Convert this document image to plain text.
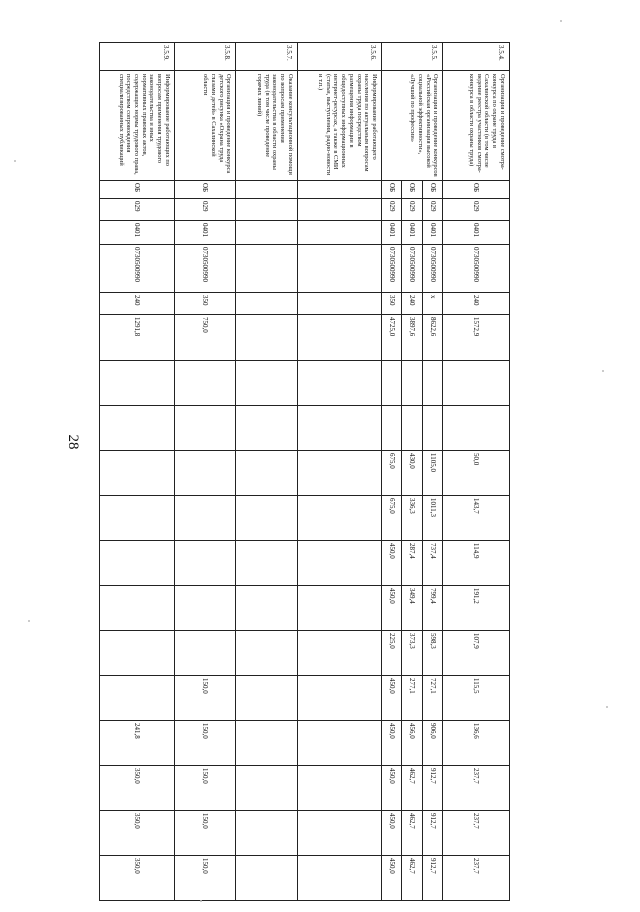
28

3.5.4.	Организация и проведение смотра-конкурса по охране труда в Сахалинской области (в том числе ведение реестра участников смотра-конкурса в области охраны труда)	ОБ	029	0401	0730500990	240	1572,9			50,0	143,7	114,9	191,2	107,9	115,5	136,6	237,7	237,7	237,7
3.5.5.	Организация и проведение конкурсов «Российская организация высокой социальной эффективности», «Лучший по профессии»	ОБ	029	0401	0730500990	х	8622,6			1105,0	1011,3	737,4	799,4	598,3	727,1	906,0	912,7	912,7	912,7
		ОБ	029	0401	0730500990	240	3897,6			430,0	336,3	287,4	349,4	373,3	277,1	456,0	462,7	462,7	462,7
		ОБ	029	0401	0730500990	350	4725,0			675,0	675,0	450,0	450,0	225,0	450,0	450,0	450,0	450,0	450,0
3.5.6.	Информирование работающего населения по актуальным вопросам охраны труда посредством размещения информации в общедоступных информационных интернет-ресурсах, а также в СМИ (статьи, выступления, радио-новости и т.п.)																		
3.5.7.	Оказание консультационной помощи по вопросам применения законодательства в области охраны труда (в том числе проведение горячих линий)																		
3.5.8.	Организация и проведение конкурса детского рисунка «Охрана труда глазами детей» в Сахалинской области	ОБ	029	0401	0730500990	350	750,0								150,0	150,0	150,0	150,0	150,0
3.5.9.	Информирование работающих по вопросам применения трудового законодательства и иных нормативных правовых актов, содержащих нормы трудового права, посредством сопровождения специализированных публикаций	ОБ	029	0401	0730500990	240	1291,8									241,8	350,0	350,0	350,0
